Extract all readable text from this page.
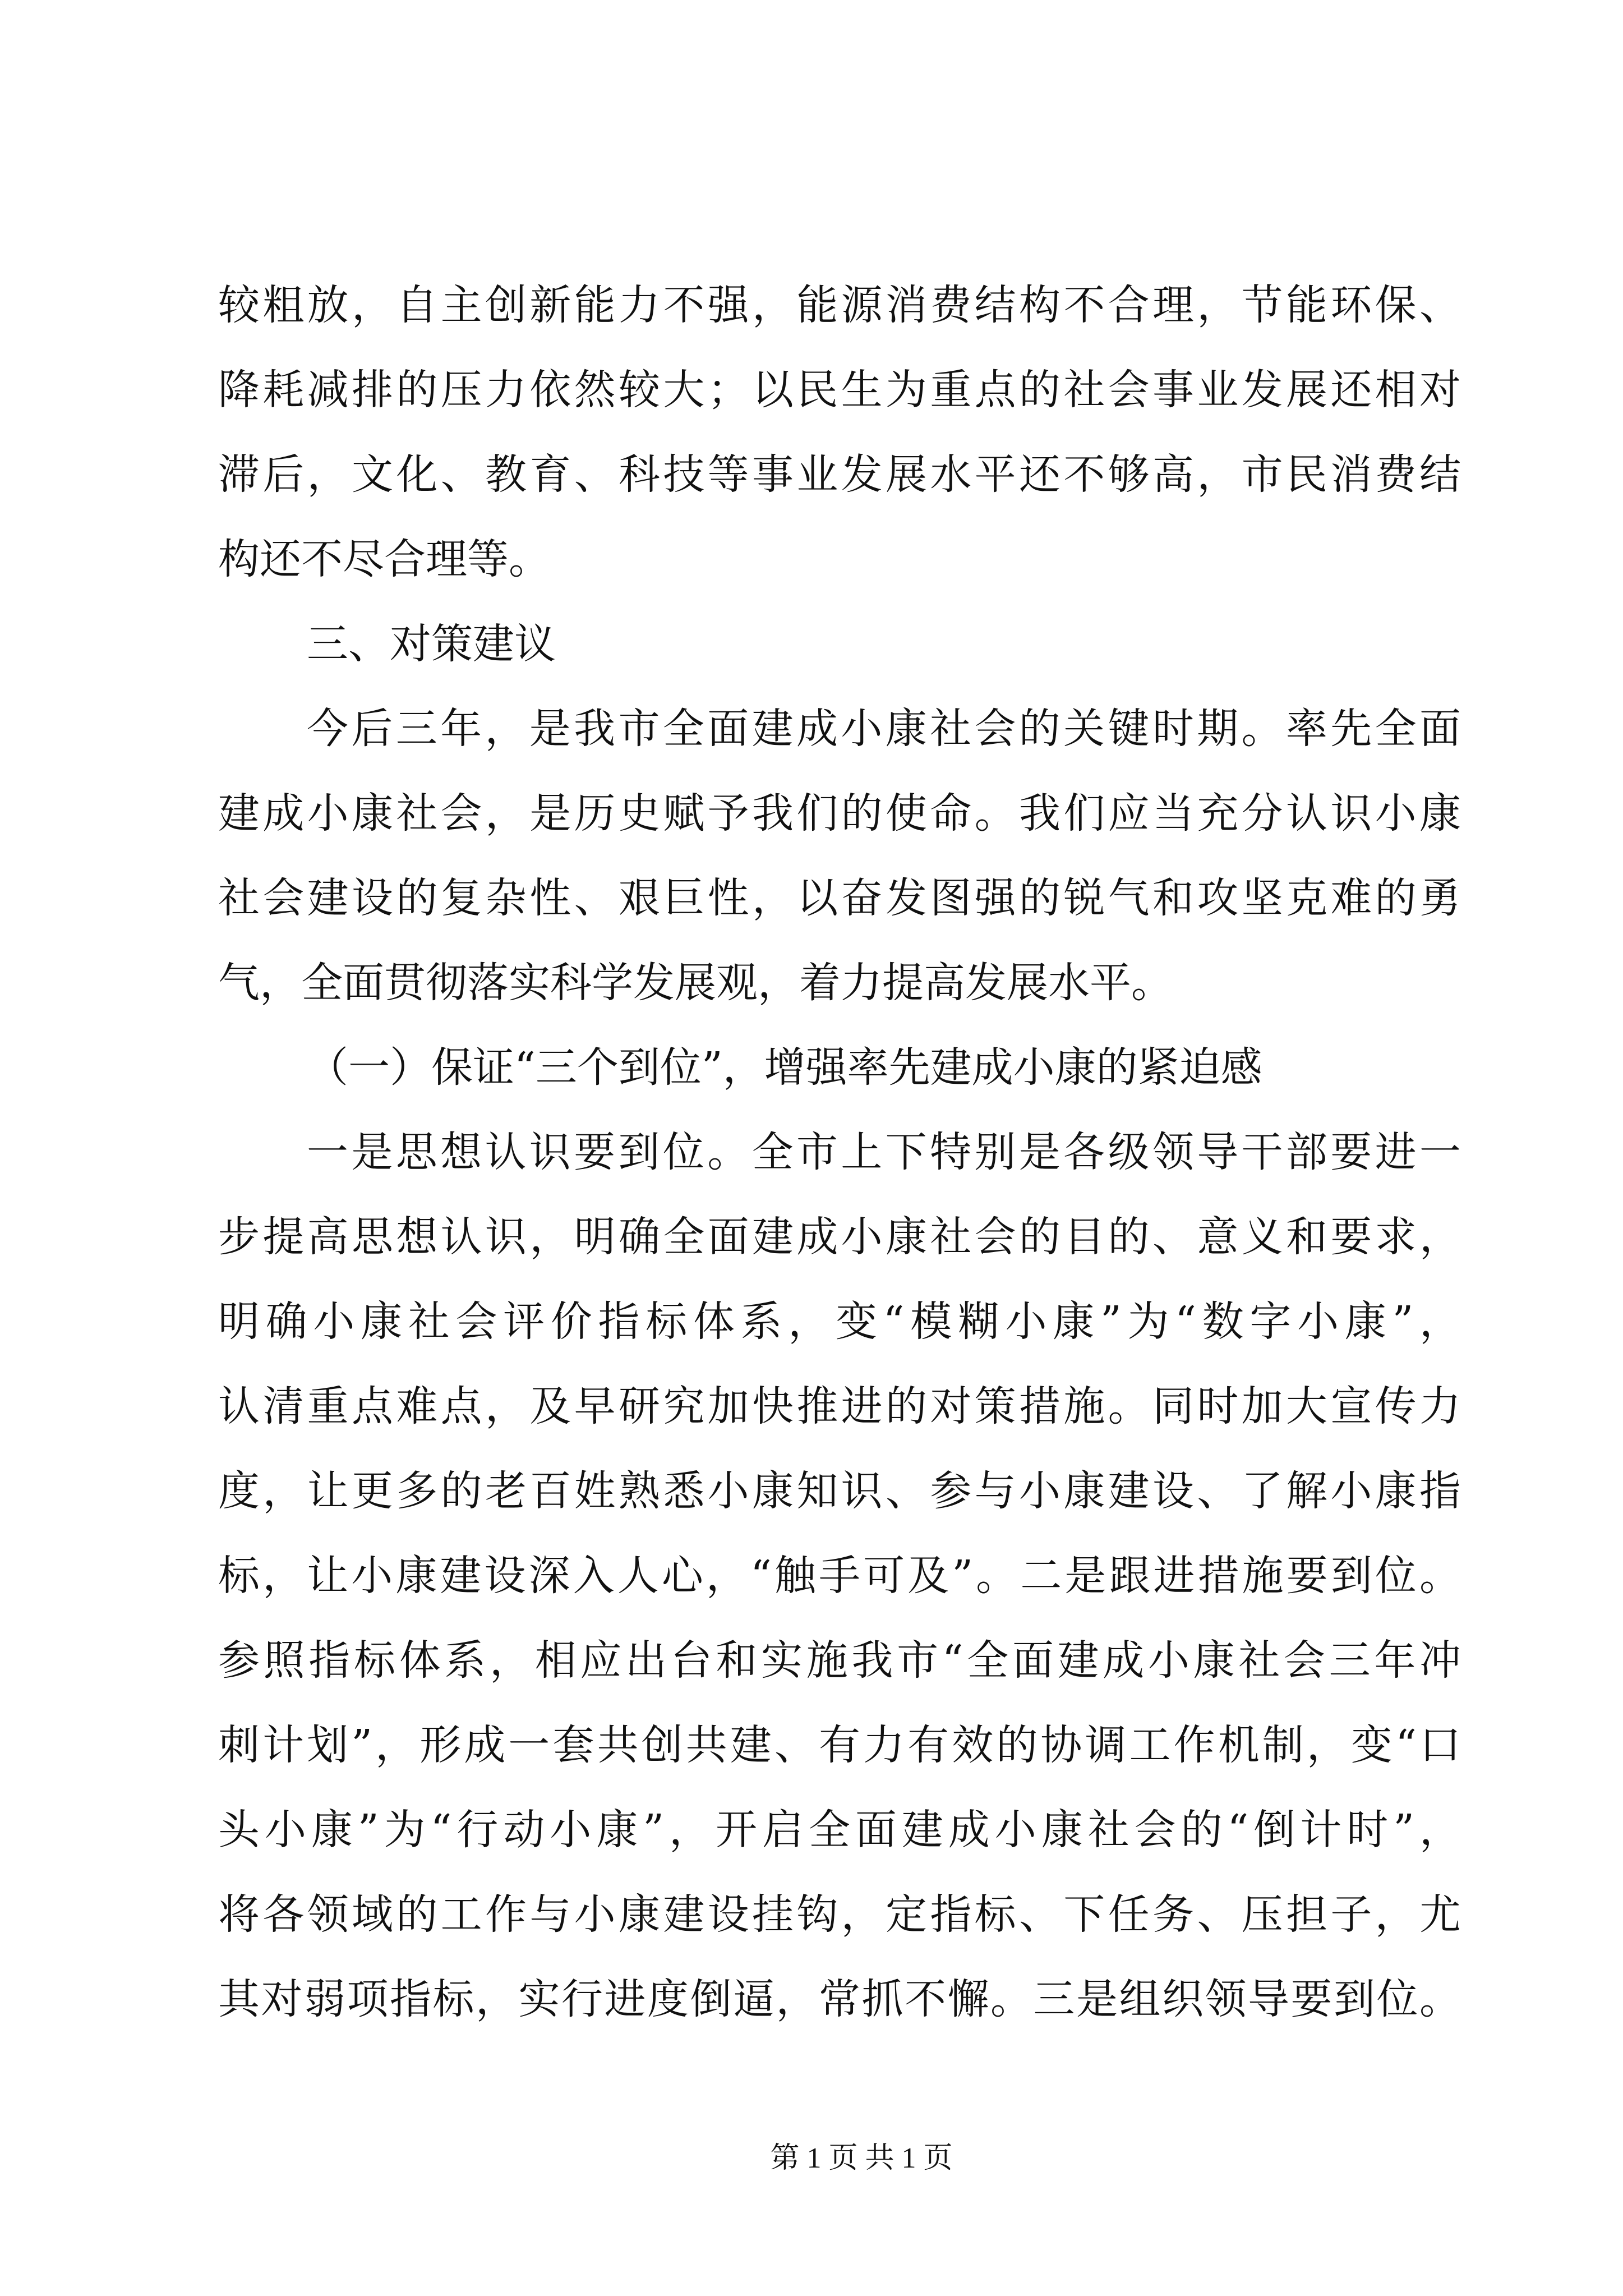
较粗放，自主创新能力不强，能源消费结构不合理，节能环保、
降耗减排的压力依然较大；以民生为重点的社会事业发展还相对
滞后，文化、教育、科技等事业发展水平还不够高，市民消费结
构还不尽合理等。
三、对策建议
今后三年，是我市全面建成小康社会的关键时期。率先全面
建成小康社会，是历史赋予我们的使命。我们应当充分认识小康
社会建设的复杂性、艰巨性，以奋发图强的锐气和攻坚克难的勇
气，全面贯彻落实科学发展观，着力提高发展水平。
（一）保证“三个到位”，增强率先建成小康的紧迫感
一是思想认识要到位。全市上下特别是各级领导干部要进一
步提高思想认识，明确全面建成小康社会的目的、意义和要求，
明确小康社会评价指标体系，变“模糊小康”为“数字小康”，
认清重点难点，及早研究加快推进的对策措施。同时加大宣传力
度，让更多的老百姓熟悉小康知识、参与小康建设、了解小康指
标，让小康建设深入人心，“触手可及”。二是跟进措施要到位。
参照指标体系，相应出台和实施我市“全面建成小康社会三年冲
刺计划”，形成一套共创共建、有力有效的协调工作机制，变“口
头小康”为“行动小康”，开启全面建成小康社会的“倒计时”，
将各领域的工作与小康建设挂钩，定指标、下任务、压担子，尤
其对弱项指标，实行进度倒逼，常抓不懈。三是组织领导要到位。
第 1 页 共 1 页
